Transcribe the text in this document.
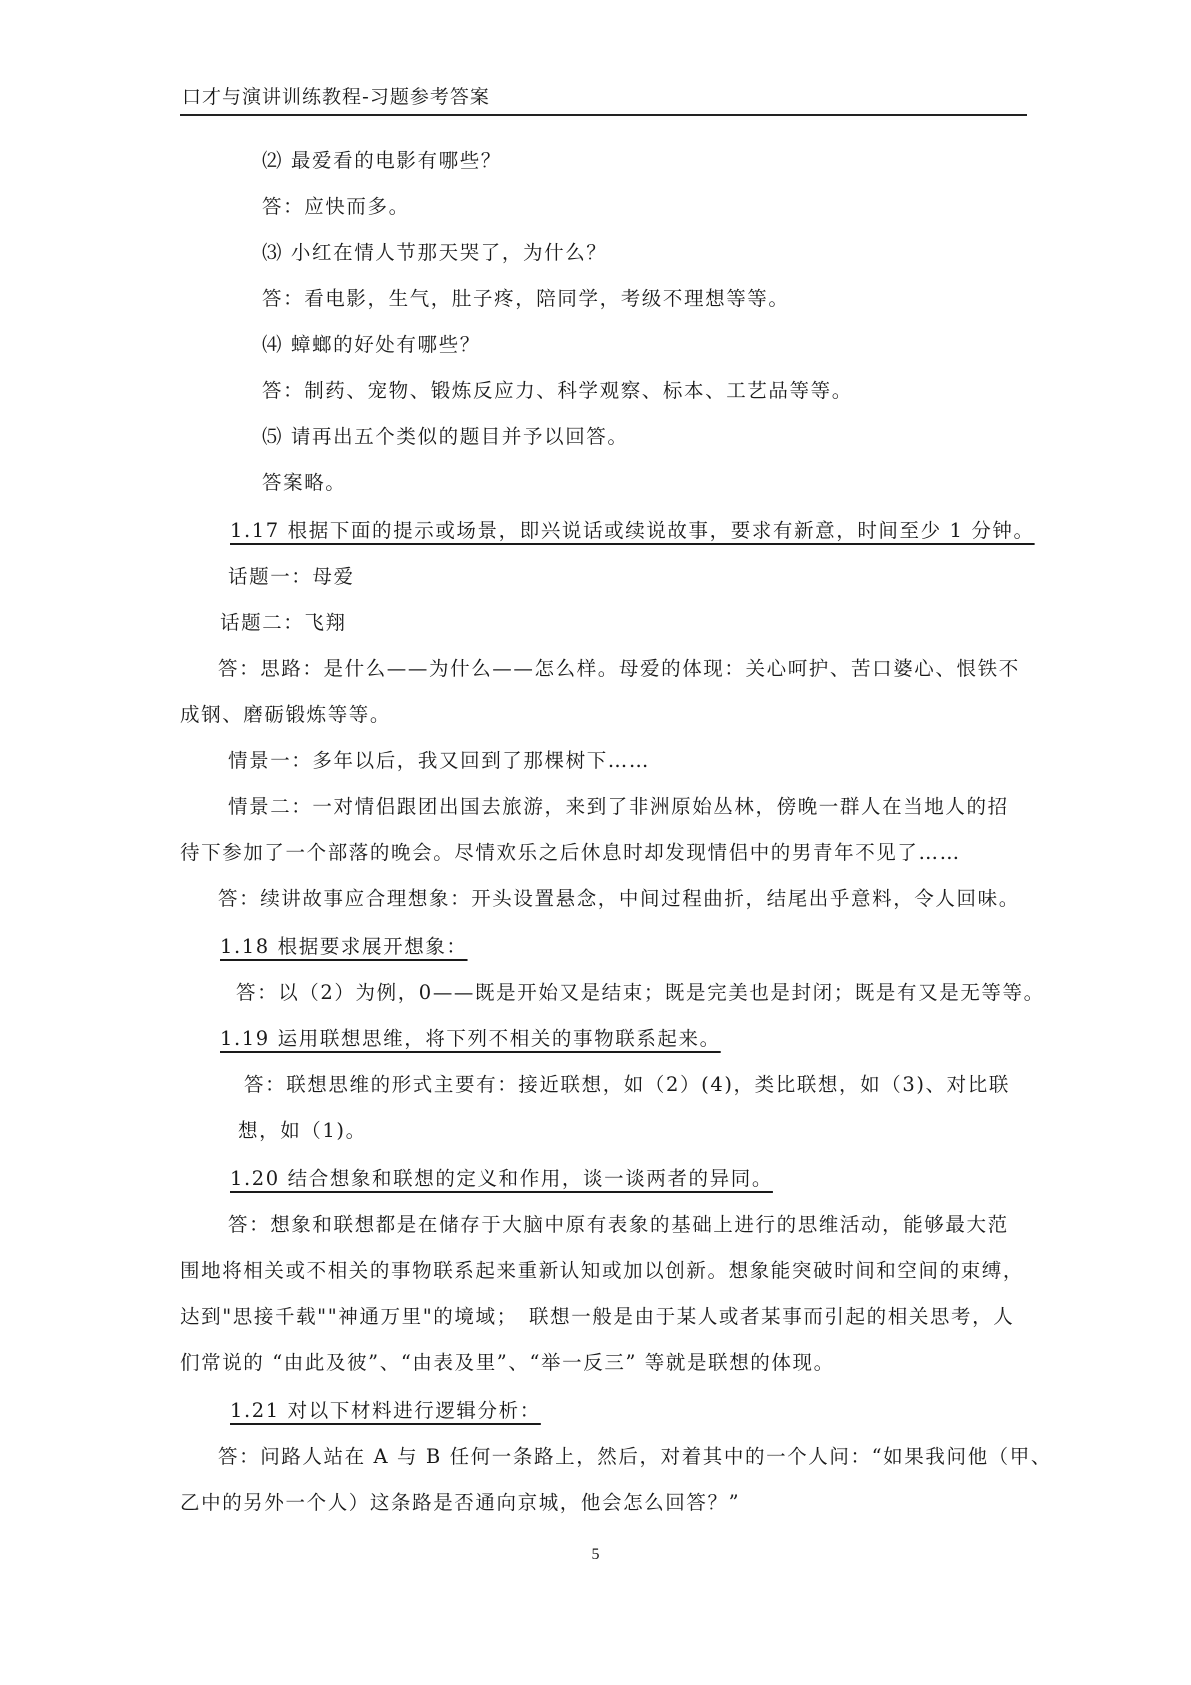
口才与演讲训练教程-习题参考答案
⑵ 最爱看的电影有哪些？
答：应快而多。
⑶ 小红在情人节那天哭了，为什么？
答：看电影，生气，肚子疼，陪同学，考级不理想等等。
⑷ 蟑螂的好处有哪些？
答：制药、宠物、锻炼反应力、科学观察、标本、工艺品等等。
⑸ 请再出五个类似的题目并予以回答。
答案略。
1.17 根据下面的提示或场景，即兴说话或续说故事，要求有新意，时间至少 1 分钟。
话题一：母爱
话题二：飞翔
答：思路：是什么——为什么——怎么样。母爱的体现：关心呵护、苦口婆心、恨铁不
成钢、磨砺锻炼等等。
情景一：多年以后，我又回到了那棵树下……
情景二：一对情侣跟团出国去旅游，来到了非洲原始丛林，傍晚一群人在当地人的招
待下参加了一个部落的晚会。尽情欢乐之后休息时却发现情侣中的男青年不见了……
答：续讲故事应合理想象：开头设置悬念，中间过程曲折，结尾出乎意料，令人回味。
1.18 根据要求展开想象：
答：以（2）为例，0——既是开始又是结束；既是完美也是封闭；既是有又是无等等。
1.19 运用联想思维，将下列不相关的事物联系起来。
答：联想思维的形式主要有：接近联想，如（2）(4)，类比联想，如（3)、对比联
想，如（1)。
1.20 结合想象和联想的定义和作用，谈一谈两者的异同。
答：想象和联想都是在储存于大脑中原有表象的基础上进行的思维活动，能够最大范
围地将相关或不相关的事物联系起来重新认知或加以创新。想象能突破时间和空间的束缚，
达到"思接千载""神通万里"的境域；　联想一般是由于某人或者某事而引起的相关思考，人
们常说的 “由此及彼”、“由表及里”、“举一反三” 等就是联想的体现。
1.21 对以下材料进行逻辑分析：
答：问路人站在 A 与 B 任何一条路上，然后，对着其中的一个人问：“如果我问他（甲、
乙中的另外一个人）这条路是否通向京城，他会怎么回答？”
5
